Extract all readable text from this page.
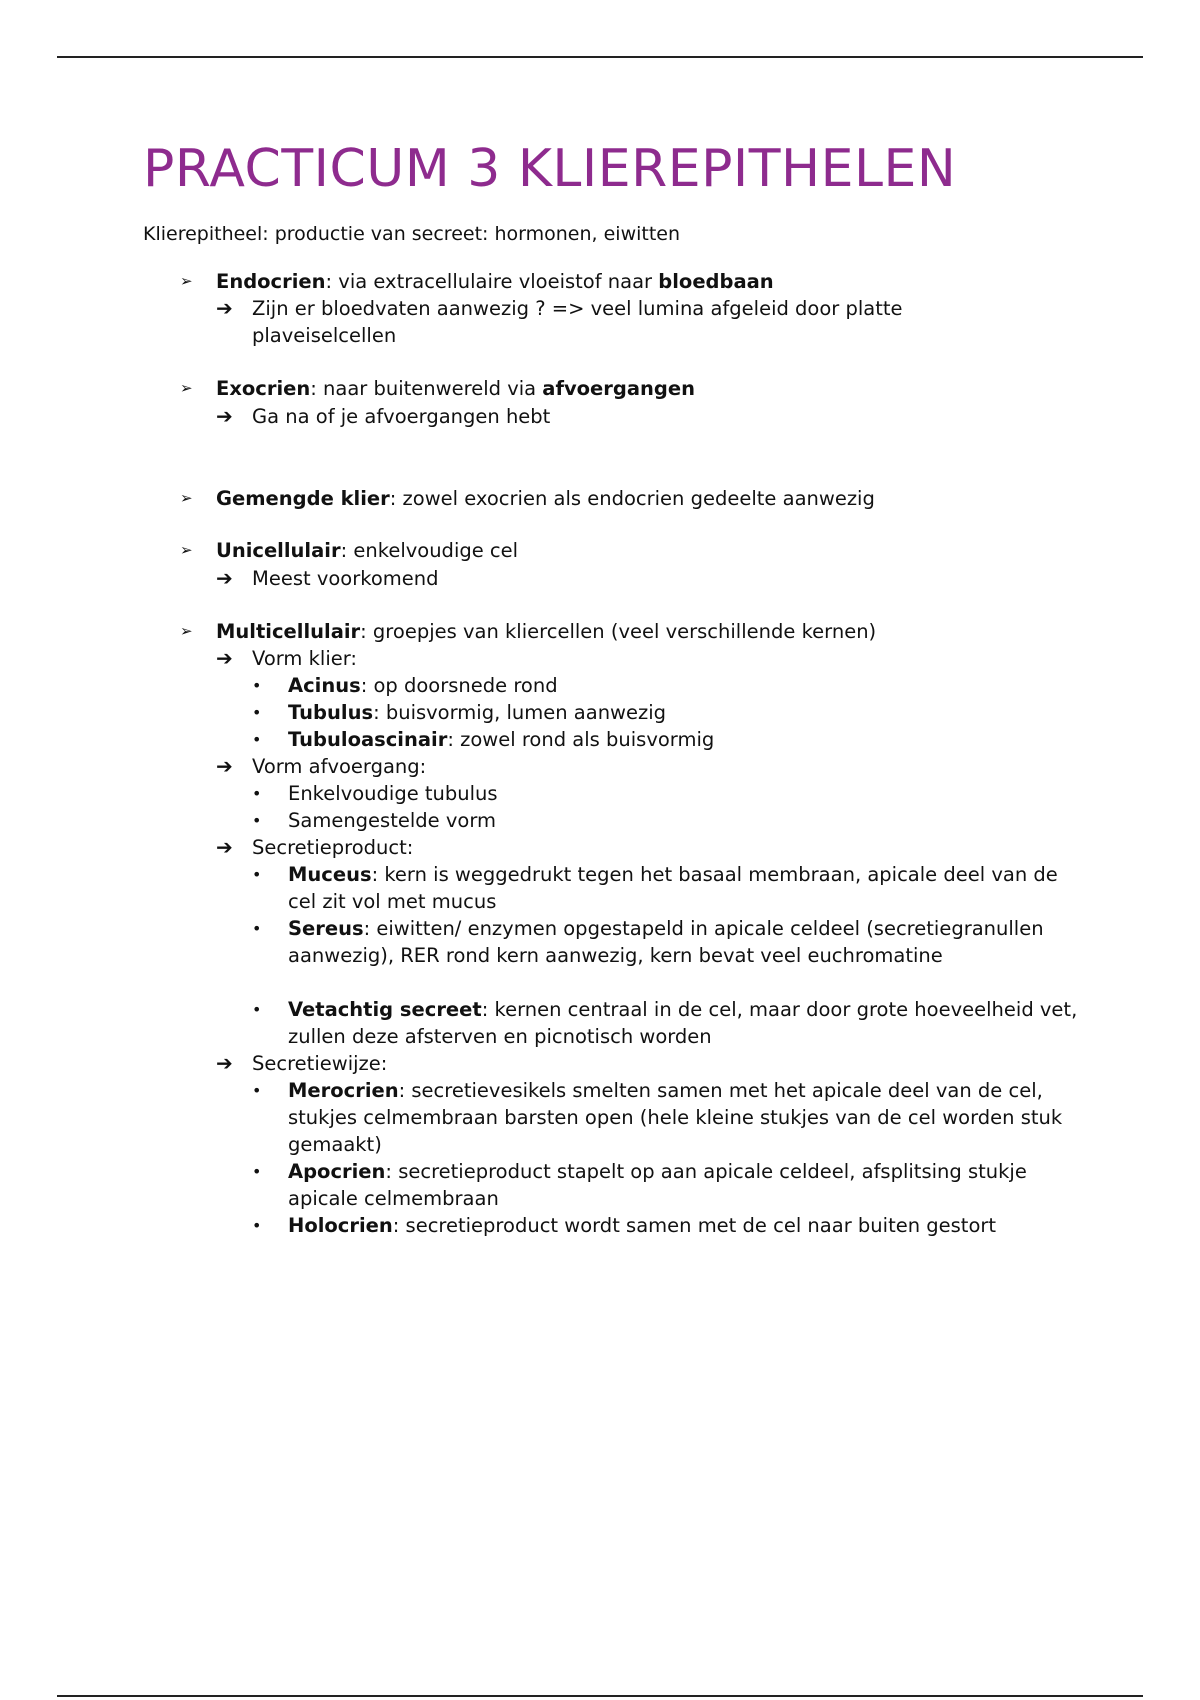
PRACTICUM 3 KLIEREPITHELEN
Klierepitheel: productie van secreet: hormonen, eiwitten
➢ Endocrien: via extracellulaire vloeistof naar bloedbaan
➔ Zijn er bloedvaten aanwezig ? => veel lumina afgeleid door platte plaveiselcellen
➢ Exocrien: naar buitenwereld via afvoergangen
➔ Ga na of je afvoergangen hebt
➢ Gemengde klier: zowel exocrien als endocrien gedeelte aanwezig
➢ Unicellulair: enkelvoudige cel
➔ Meest voorkomend
➢ Multicellulair: groepjes van kliercellen (veel verschillende kernen)
➔ Vorm klier:
• Acinus: op doorsnede rond
• Tubulus: buisvormig, lumen aanwezig
• Tubuloascinair: zowel rond als buisvormig
➔ Vorm afvoergang:
• Enkelvoudige tubulus
• Samengestelde vorm
➔ Secretieproduct:
• Muceus: kern is weggedrukt tegen het basaal membraan, apicale deel van de cel zit vol met mucus
• Sereus: eiwitten/ enzymen opgestapeld in apicale celdeel (secretiegranullen aanwezig), RER rond kern aanwezig, kern bevat veel euchromatine
• Vetachtig secreet: kernen centraal in de cel, maar door grote hoeveelheid vet, zullen deze afsterven en picnotisch worden
➔ Secretiewijze:
• Merocrien: secretievesikels smelten samen met het apicale deel van de cel, stukjes celmembraan barsten open (hele kleine stukjes van de cel worden stuk gemaakt)
• Apocrien: secretieproduct stapelt op aan apicale celdeel, afsplitsing stukje apicale celmembraan
• Holocrien: secretieproduct wordt samen met de cel naar buiten gestort
